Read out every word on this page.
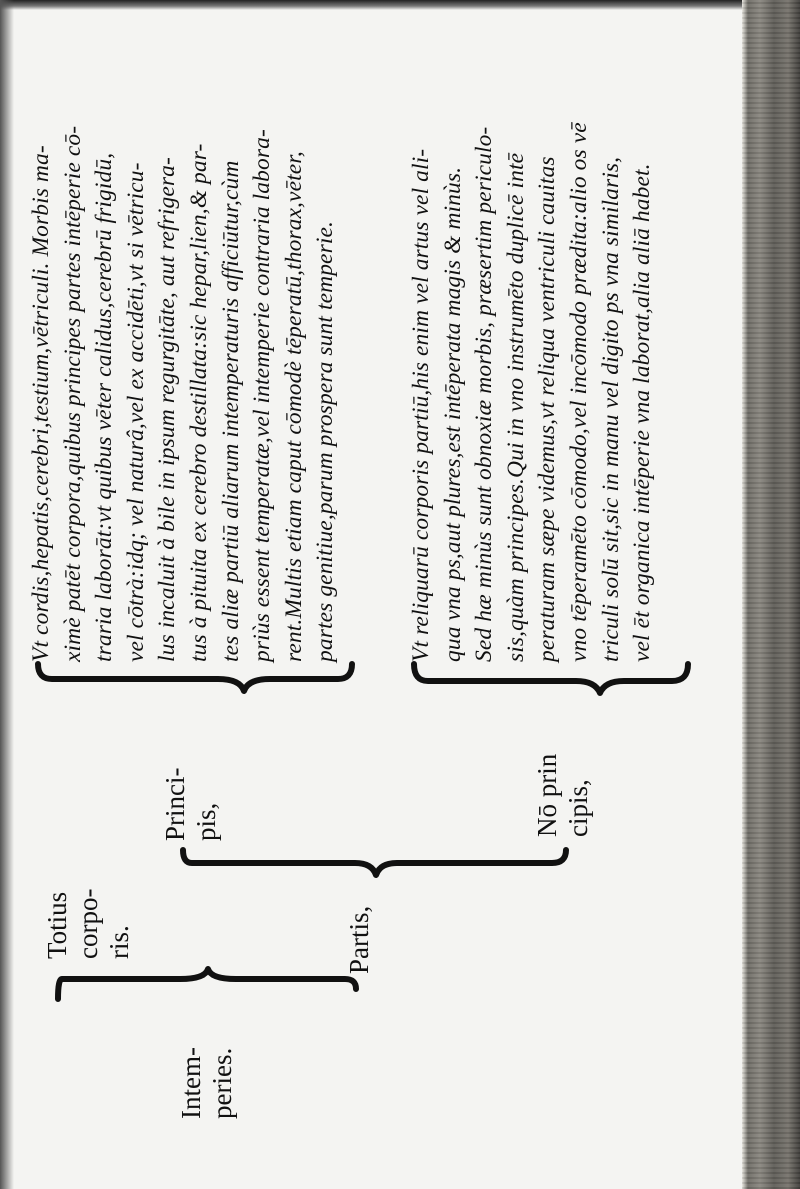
Intem-
peries.
Totius
corpo-
ris.	Partis,
Princi-
pis,	Nō prin
cipis,
Vt cordis,hepatis,cerebri,testium,vētriculi. Morbis ma-
ximè patēt corpora,quibus principes partes intēperie cō-
traria laborāt:vt quibus vēter calidus,cerebrū frigidū,
vel cōtrà:idq; vel naturâ,vel ex accidēti,vt si vētricu-
lus incaluit à bile in ipsum regurgitāte, aut refrigera-
tus à pituita ex cerebro destillata:sic hepar,lien,& par-
tes aliæ partiū aliarum intemperaturis afficiūtur,cùm
priùs essent temperatæ,vel intemperie contraria labora-
rent.Multis etiam caput cōmodè tēperatū,thorax,vēter,
partes genitiue,parum prospera sunt temperie.
Vt reliquarū corporis partiū,his enim vel artus vel ali-
qua vna ps,aut plures,est intēperata magis & minùs.
Sed hæ minùs sunt obnoxiæ morbis, præsertim periculo-
sis,quàm principes.Qui in vno instrumēto duplicē intē
peraturam sæpe videmus,vt reliqua ventriculi cauitas
vno tēperamēto cōmodo,vel incōmodo prædita:alio os vē
triculi solū sit,sic in manu vel digito ps vna similaris,
vel ēt organica intēperie vna laborat,alia aliā habet.
